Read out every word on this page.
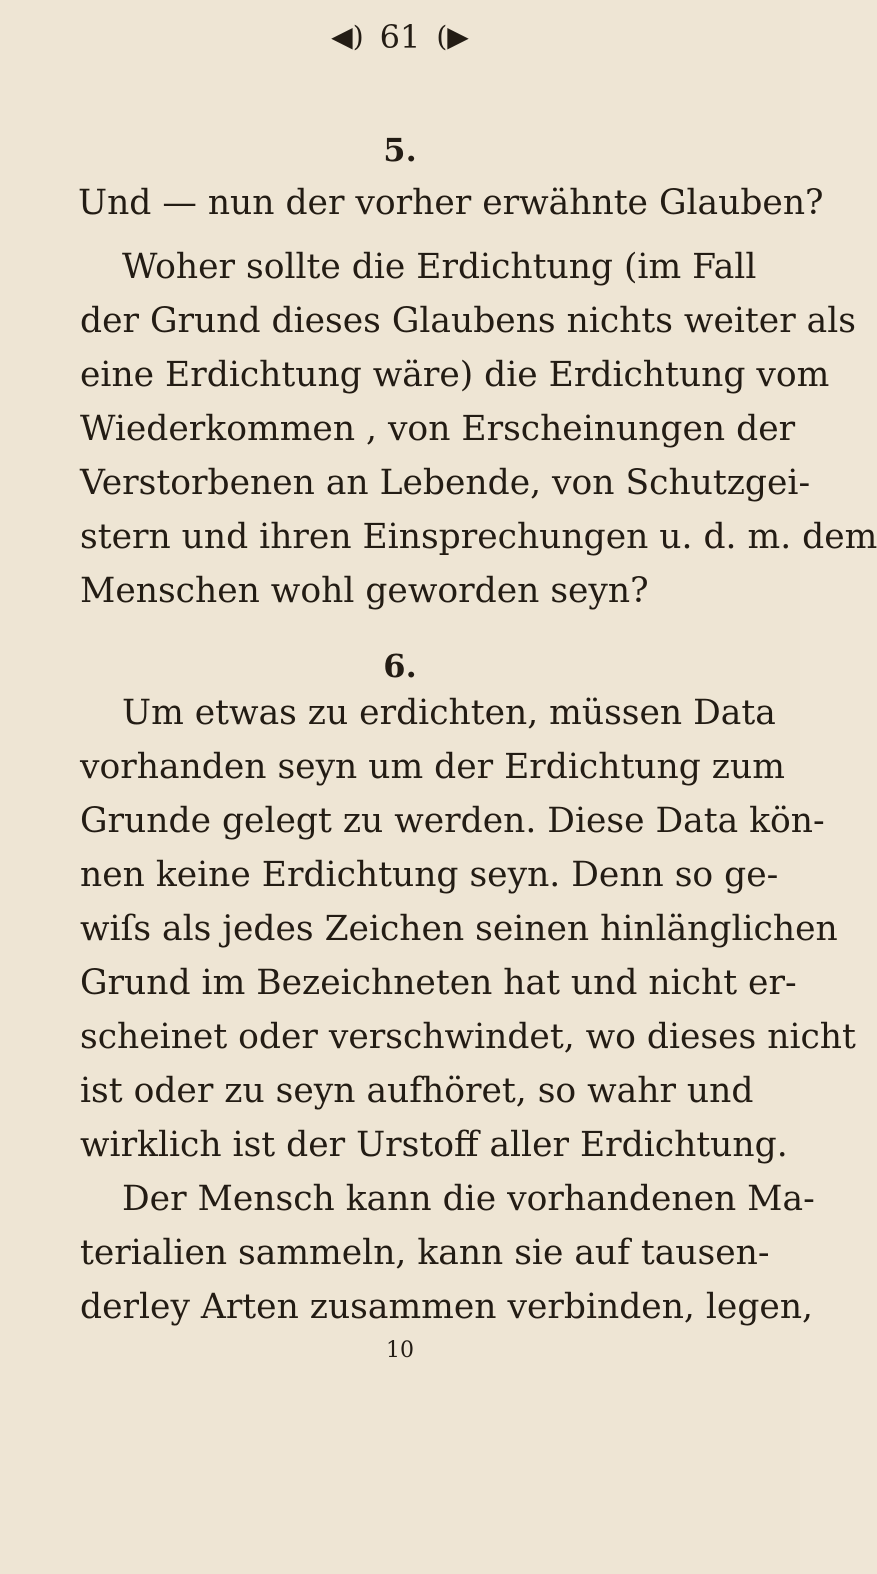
◀) 61 (▶
5.
Und — nun der vorher erwähnte Glauben?
Woher sollte die Erdichtung (im Fall
der Grund dieses Glaubens nichts weiter als
eine Erdichtung wäre) die Erdichtung vom
Wiederkommen , von Erscheinungen der
Verstorbenen an Lebende, von Schutzgei-
stern und ihren Einsprechungen u. d. m. dem
Menschen wohl geworden seyn?
6.
Um etwas zu erdichten, müssen Data
vorhanden seyn um der Erdichtung zum
Grunde gelegt zu werden. Diese Data kön-
nen keine Erdichtung seyn. Denn so ge-
wiſs als jedes Zeichen seinen hinlänglichen
Grund im Bezeichneten hat und nicht er-
scheinet oder verschwindet, wo dieses nicht
ist oder zu seyn aufhöret, so wahr und
wirklich ist der Urstoff aller Erdichtung.
Der Mensch kann die vorhandenen Ma-
terialien sammeln, kann sie auf tausen-
derley Arten zusammen verbinden, legen,
10
